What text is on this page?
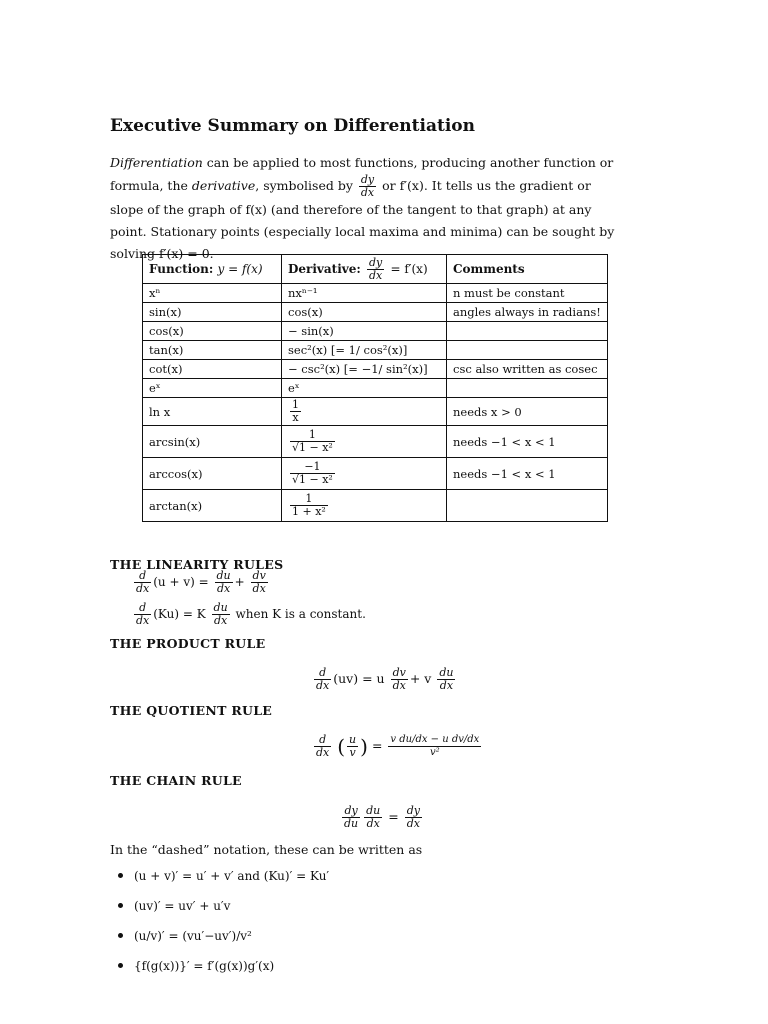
Executive Summary on Differentiation
Differentiation can be applied to most functions, producing another function or formula, the derivative, symbolised by $\frac{dy}{dx}$ or f′(x). It tells us the gradient or slope of the graph of f(x) (and therefore of the tangent to that graph) at any point. Stationary points (especially local maxima and minima) can be sought by solving f′(x) = 0.
Function: y = f(x)	Derivative: $\frac{dy}{dx} = f'(x)$	Comments
xⁿ	nxⁿ⁻¹	n must be constant
sin(x)	cos(x)	angles always in radians!
cos(x)	− sin(x)	
tan(x)	sec²(x) [= 1/ cos²(x)]	
cot(x)	− csc²(x) [= −1/ sin²(x)]	csc also written as cosec
eˣ	eˣ	
ln x	$\frac{1}{x}$	needs x > 0
arcsin(x)	$\frac{1}{\text{√1 − x²}}$	needs −1 < x < 1
arccos(x)	$\frac{-1}{\text{√1 − x²}}$	needs −1 < x < 1
arctan(x)	$\frac{1}{\text{1 + x²}}$

THE LINEARITY RULES
$\frac{d}{dx} (u + v) = \frac{du}{dx} + \frac{dv}{dx}$
$\frac{d}{dx} (Ku) = K \frac{du}{dx}$ when K is a constant.
THE PRODUCT RULE
$\frac{d}{dx} (uv) = u \frac{dv}{dx} + v \frac{du}{dx}$
THE QUOTIENT RULE
$\frac{d}{dx}$ ( $\frac{u}{v}$ ) = $\frac{\text{v du/dx − u dv/dx}}{\text{v²}}$
THE CHAIN RULE
$\frac{dy}{du} \frac{du}{dx} = \frac{dy}{dx}$
In the “dashed” notation, these can be written as
• (u + v)′ = u′ + v′ and (Ku)′ = Ku′
• (uv)′ = uv′ + u′v
• (u/v)′ = (vu′−uv′)/v²
• {f(g(x))}′ = f′(g(x))g′(x)
